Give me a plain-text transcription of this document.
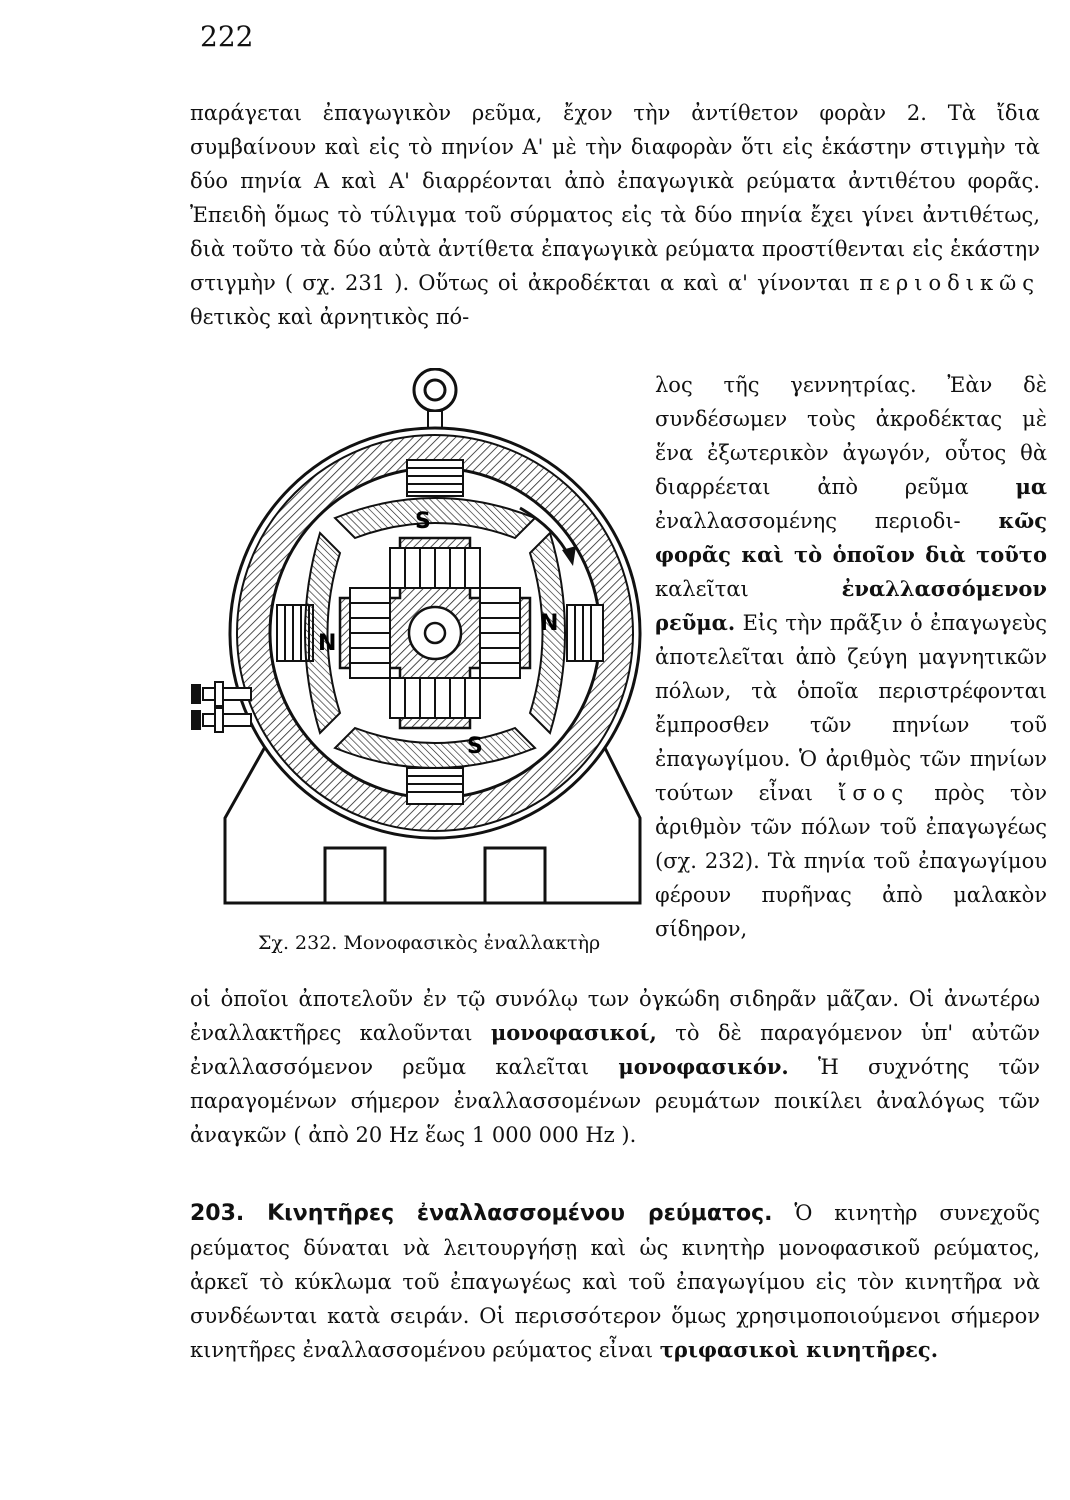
222
παράγεται ἐπαγωγικὸν ρεῦμα, ἔχον τὴν ἀντίθετον φορὰν 2. Τὰ ἴδια συμβαίνουν καὶ εἰς τὸ πηνίον Α' μὲ τὴν διαφορὰν ὅτι εἰς ἑκάστην στιγμὴν τὰ δύο πηνία Α καὶ Α' διαρρέονται ἀπὸ ἐπαγωγικὰ ρεύματα ἀντιθέτου φορᾶς. Ἐπειδὴ ὅμως τὸ τύλιγμα τοῦ σύρματος εἰς τὰ δύο πηνία ἔχει γίνει ἀντιθέτως, διὰ τοῦτο τὰ δύο αὐτὰ ἀντίθετα ἐπαγωγικὰ ρεύματα προστίθενται εἰς ἑκάστην στιγμὴν ( σχ. 231 ). Οὕτως οἱ ἀκροδέκται α καὶ α' γίνονται περιοδικῶς θετικὸς καὶ ἀρνητικὸς πό-
λος τῆς γεννητρίας. Ἐὰν δὲ συνδέσωμεν τοὺς ἀκροδέκτας μὲ ἕνα ἐξωτερικὸν ἀγωγόν, οὗτος θὰ διαρρέεται ἀπὸ ρεῦμα μα ἐναλλασσομένης περιοδι- κῶς φορᾶς καὶ τὸ ὁποῖον διὰ τοῦτο καλεῖται	ἐναλλασσόμενον ρεῦμα. Εἰς τὴν πρᾶξιν ὁ ἐπαγωγεὺς ἀποτελεῖται ἀπὸ ζεύγη μαγνητικῶν πόλων, τὰ ὁποῖα περιστρέφονται ἔμπροσθεν τῶν πηνίων τοῦ ἐπαγωγίμου. Ὁ ἀριθμὸς τῶν πηνίων τούτων εἶναι ἴσος πρὸς τὸν ἀριθμὸν τῶν πόλων τοῦ ἐπαγωγέως (σχ. 232). Τὰ πηνία τοῦ ἐπαγωγίμου φέρουν πυρῆνας ἀπὸ μαλακὸν σίδηρον,
S
S
N
N
Σχ. 232. Μονοφασικὸς ἐναλλακτὴρ
οἱ ὁποῖοι ἀποτελοῦν ἐν τῷ συνόλῳ των ὀγκώδη σιδηρᾶν μᾶζαν. Οἱ ἀνωτέρω ἐναλλακτῆρες καλοῦνται μονοφασικοί, τὸ δὲ παραγόμενον ὑπ' αὐτῶν ἐναλλασσόμενον ρεῦμα καλεῖται μονοφασικόν. Ἡ συχνότης τῶν παραγομένων σήμερον ἐναλλασσομένων ρευμάτων ποικίλει ἀναλόγως τῶν ἀναγκῶν ( ἀπὸ 20 Hz ἕως 1 000 000 Hz ).
203. Κινητῆρες ἐναλλασσομένου ρεύματος. Ὁ κινητὴρ συνεχοῦς ρεύματος δύναται νὰ λειτουργήσῃ καὶ ὡς κινητὴρ μονοφασικοῦ ρεύματος, ἀρκεῖ τὸ κύκλωμα τοῦ ἐπαγωγέως καὶ τοῦ ἐπαγωγίμου εἰς τὸν κινητῆρα νὰ συνδέωνται κατὰ σειράν. Οἱ περισσότερον ὅμως χρησιμοποιούμενοι σήμερον κινητῆρες ἐναλλασσομένου ρεύματος εἶναι τριφασικοὶ κινητῆρες.
